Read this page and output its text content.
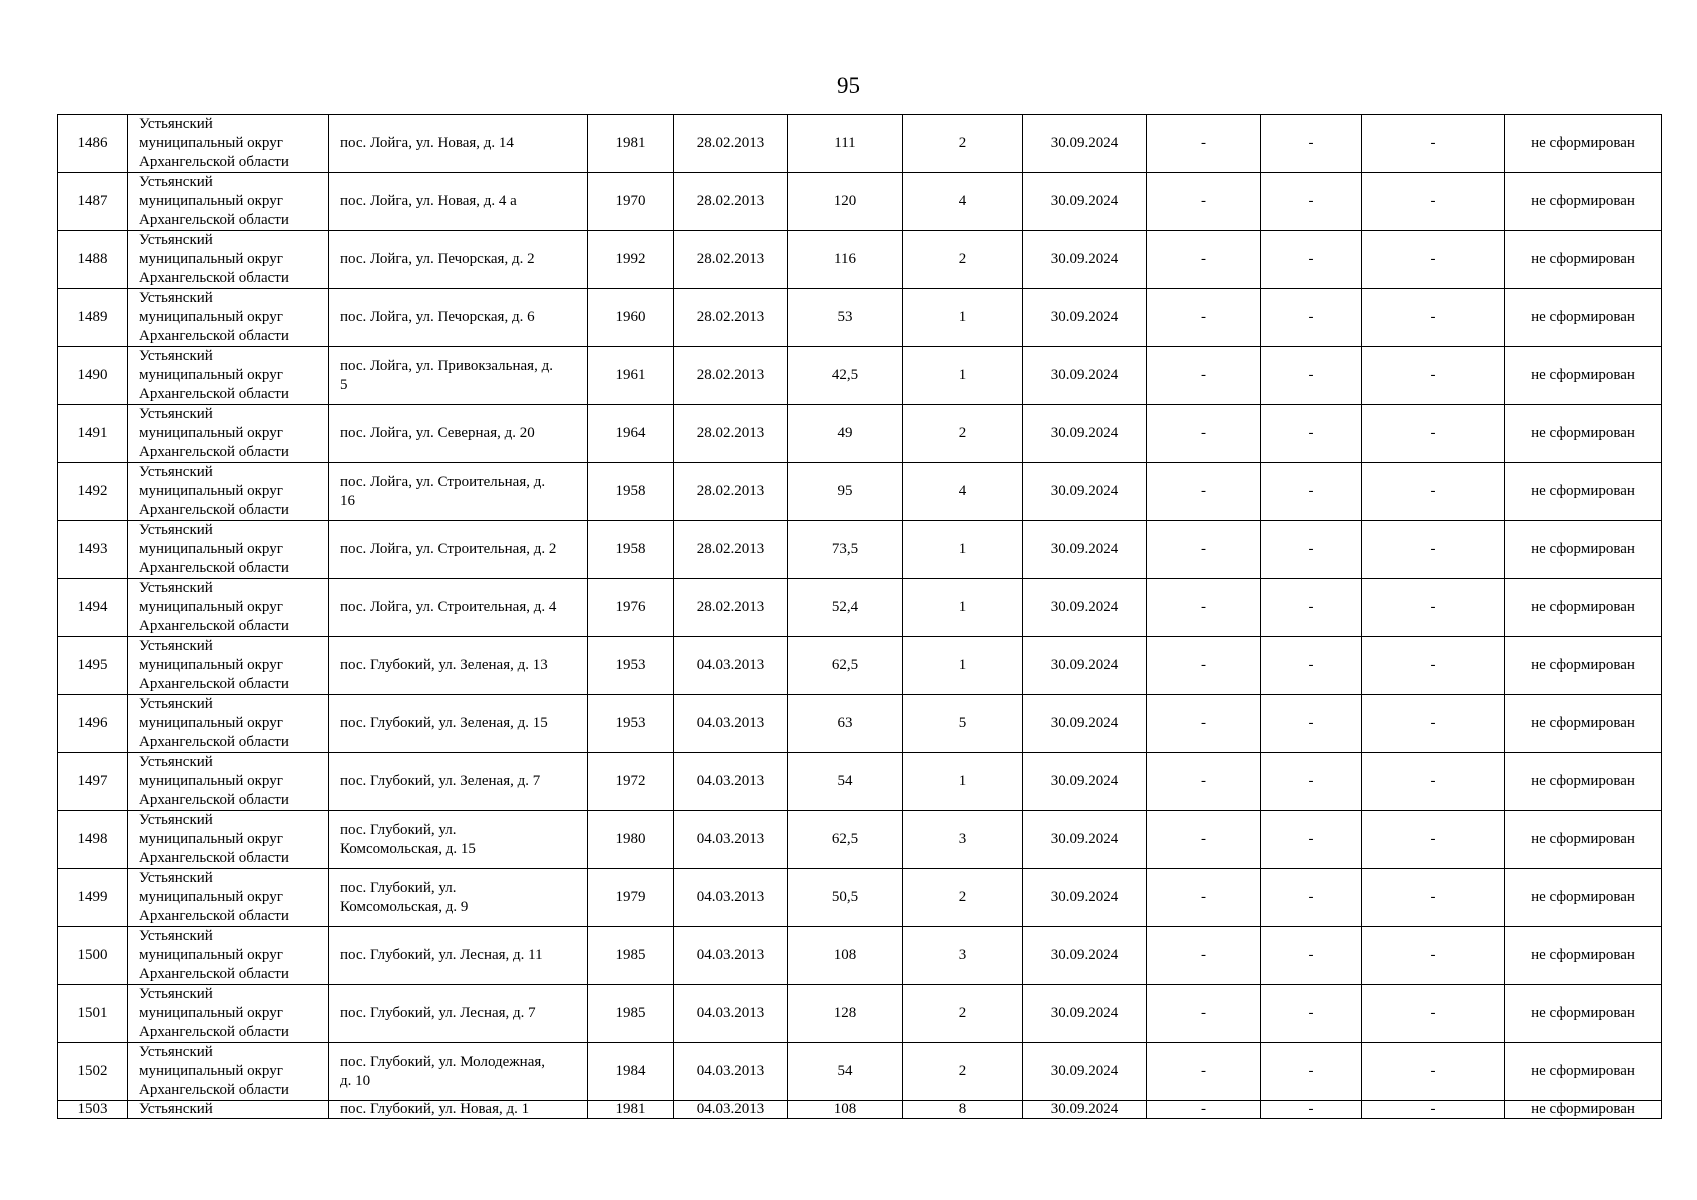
95
1486	Устьянский
муниципальный округ
Архангельской области	пос. Лойга, ул. Новая, д. 14	1981	28.02.2013	111	2	30.09.2024	-	-	-	не сформирован
1487	Устьянский
муниципальный округ
Архангельской области	пос. Лойга, ул. Новая, д. 4 а	1970	28.02.2013	120	4	30.09.2024	-	-	-	не сформирован
1488	Устьянский
муниципальный округ
Архангельской области	пос. Лойга, ул. Печорская, д. 2	1992	28.02.2013	116	2	30.09.2024	-	-	-	не сформирован
1489	Устьянский
муниципальный округ
Архангельской области	пос. Лойга, ул. Печорская, д. 6	1960	28.02.2013	53	1	30.09.2024	-	-	-	не сформирован
1490	Устьянский
муниципальный округ
Архангельской области	пос. Лойга, ул. Привокзальная, д.
5	1961	28.02.2013	42,5	1	30.09.2024	-	-	-	не сформирован
1491	Устьянский
муниципальный округ
Архангельской области	пос. Лойга, ул. Северная, д. 20	1964	28.02.2013	49	2	30.09.2024	-	-	-	не сформирован
1492	Устьянский
муниципальный округ
Архангельской области	пос. Лойга, ул. Строительная, д.
16	1958	28.02.2013	95	4	30.09.2024	-	-	-	не сформирован
1493	Устьянский
муниципальный округ
Архангельской области	пос. Лойга, ул. Строительная, д. 2	1958	28.02.2013	73,5	1	30.09.2024	-	-	-	не сформирован
1494	Устьянский
муниципальный округ
Архангельской области	пос. Лойга, ул. Строительная, д. 4	1976	28.02.2013	52,4	1	30.09.2024	-	-	-	не сформирован
1495	Устьянский
муниципальный округ
Архангельской области	пос. Глубокий, ул. Зеленая, д. 13	1953	04.03.2013	62,5	1	30.09.2024	-	-	-	не сформирован
1496	Устьянский
муниципальный округ
Архангельской области	пос. Глубокий, ул. Зеленая, д. 15	1953	04.03.2013	63	5	30.09.2024	-	-	-	не сформирован
1497	Устьянский
муниципальный округ
Архангельской области	пос. Глубокий, ул. Зеленая, д. 7	1972	04.03.2013	54	1	30.09.2024	-	-	-	не сформирован
1498	Устьянский
муниципальный округ
Архангельской области	пос. Глубокий, ул.
Комсомольская, д. 15	1980	04.03.2013	62,5	3	30.09.2024	-	-	-	не сформирован
1499	Устьянский
муниципальный округ
Архангельской области	пос. Глубокий, ул.
Комсомольская, д. 9	1979	04.03.2013	50,5	2	30.09.2024	-	-	-	не сформирован
1500	Устьянский
муниципальный округ
Архангельской области	пос. Глубокий, ул. Лесная, д. 11	1985	04.03.2013	108	3	30.09.2024	-	-	-	не сформирован
1501	Устьянский
муниципальный округ
Архангельской области	пос. Глубокий, ул. Лесная, д. 7	1985	04.03.2013	128	2	30.09.2024	-	-	-	не сформирован
1502	Устьянский
муниципальный округ
Архангельской области	пос. Глубокий, ул. Молодежная,
д. 10	1984	04.03.2013	54	2	30.09.2024	-	-	-	не сформирован
1503	Устьянский	пос. Глубокий, ул. Новая, д. 1	1981	04.03.2013	108	8	30.09.2024	-	-	-	не сформирован
